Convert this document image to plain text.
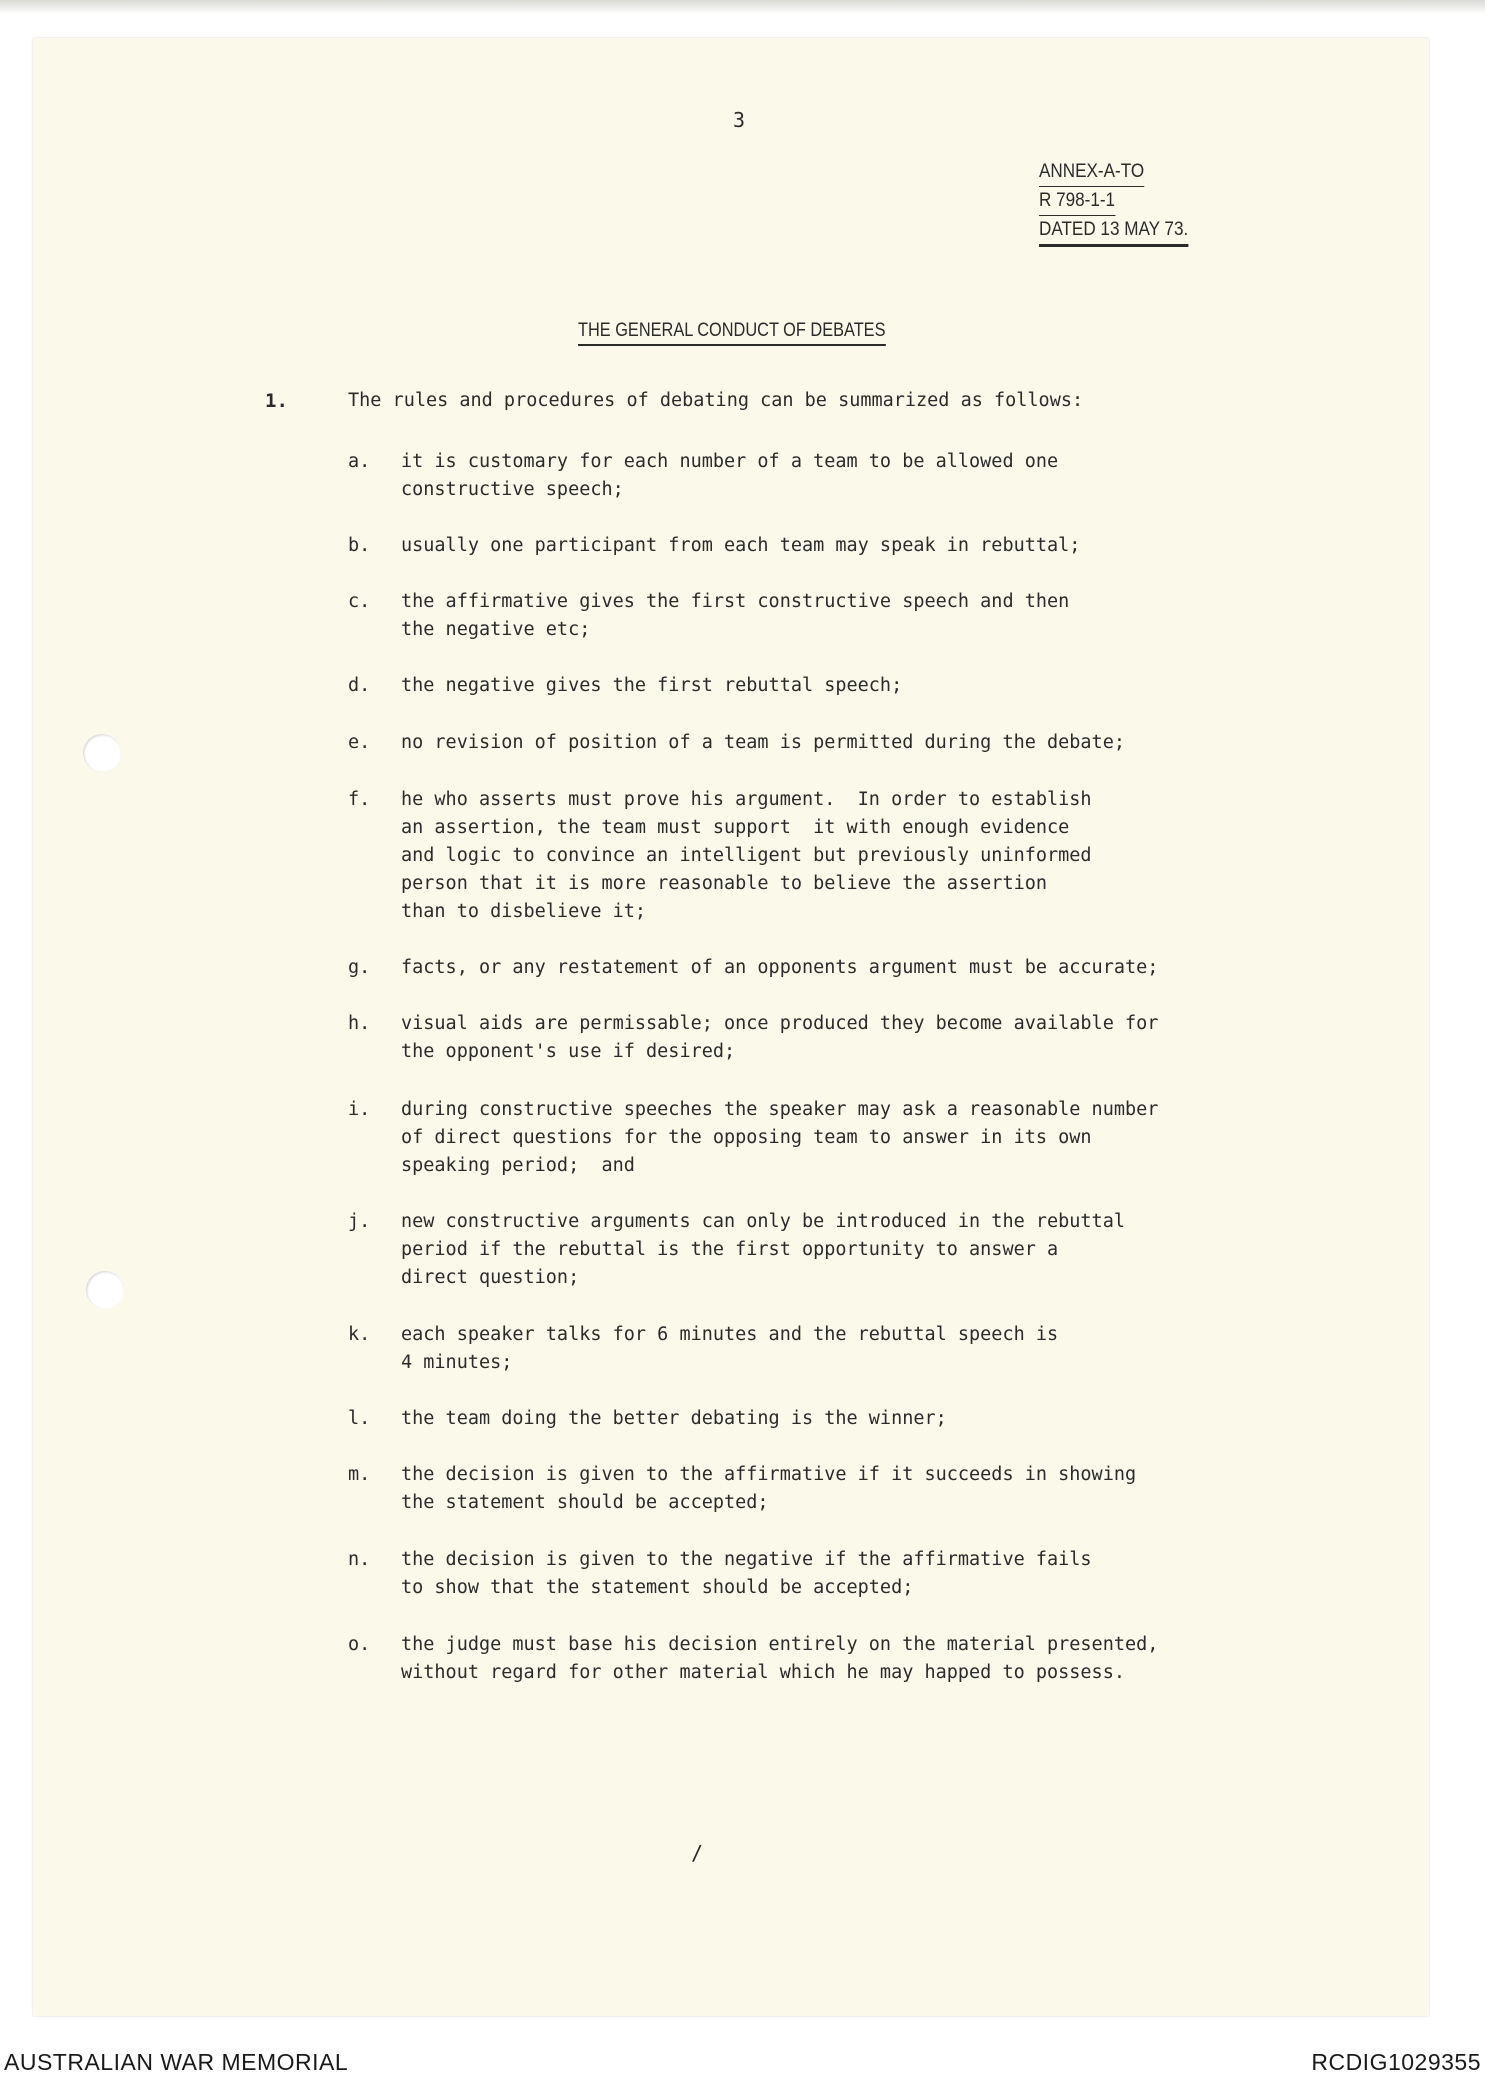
3
ANNEX-A-TO
R 798-1-1
DATED 13 MAY 73.
THE GENERAL CONDUCT OF DEBATES
1.	The rules and procedures of debating can be summarized as follows:
a.	it is customary for each number of a team to be allowed one
constructive speech;
b.	usually one participant from each team may speak in rebuttal;
c.	the affirmative gives the first constructive speech and then
the negative etc;
d.	the negative gives the first rebuttal speech;
e.	no revision of position of a team is permitted during the debate;
f.	he who asserts must prove his argument.  In order to establish
an assertion, the team must support  it with enough evidence
and logic to convince an intelligent but previously uninformed
person that it is more reasonable to believe the assertion
than to disbelieve it;
g.	facts, or any restatement of an opponents argument must be accurate;
h.	visual aids are permissable; once produced they become available for
the opponent's use if desired;
i.	during constructive speeches the speaker may ask a reasonable number
of direct questions for the opposing team to answer in its own
speaking period;  and
j.	new constructive arguments can only be introduced in the rebuttal
period if the rebuttal is the first opportunity to answer a
direct question;
k.	each speaker talks for 6 minutes and the rebuttal speech is
4 minutes;
l.	the team doing the better debating is the winner;
m.	the decision is given to the affirmative if it succeeds in showing
the statement should be accepted;
n.	the decision is given to the negative if the affirmative fails
to show that the statement should be accepted;
o.	the judge must base his decision entirely on the material presented,
without regard for other material which he may happed to possess.
/
AUSTRALIAN WAR MEMORIAL	RCDIG1029355
